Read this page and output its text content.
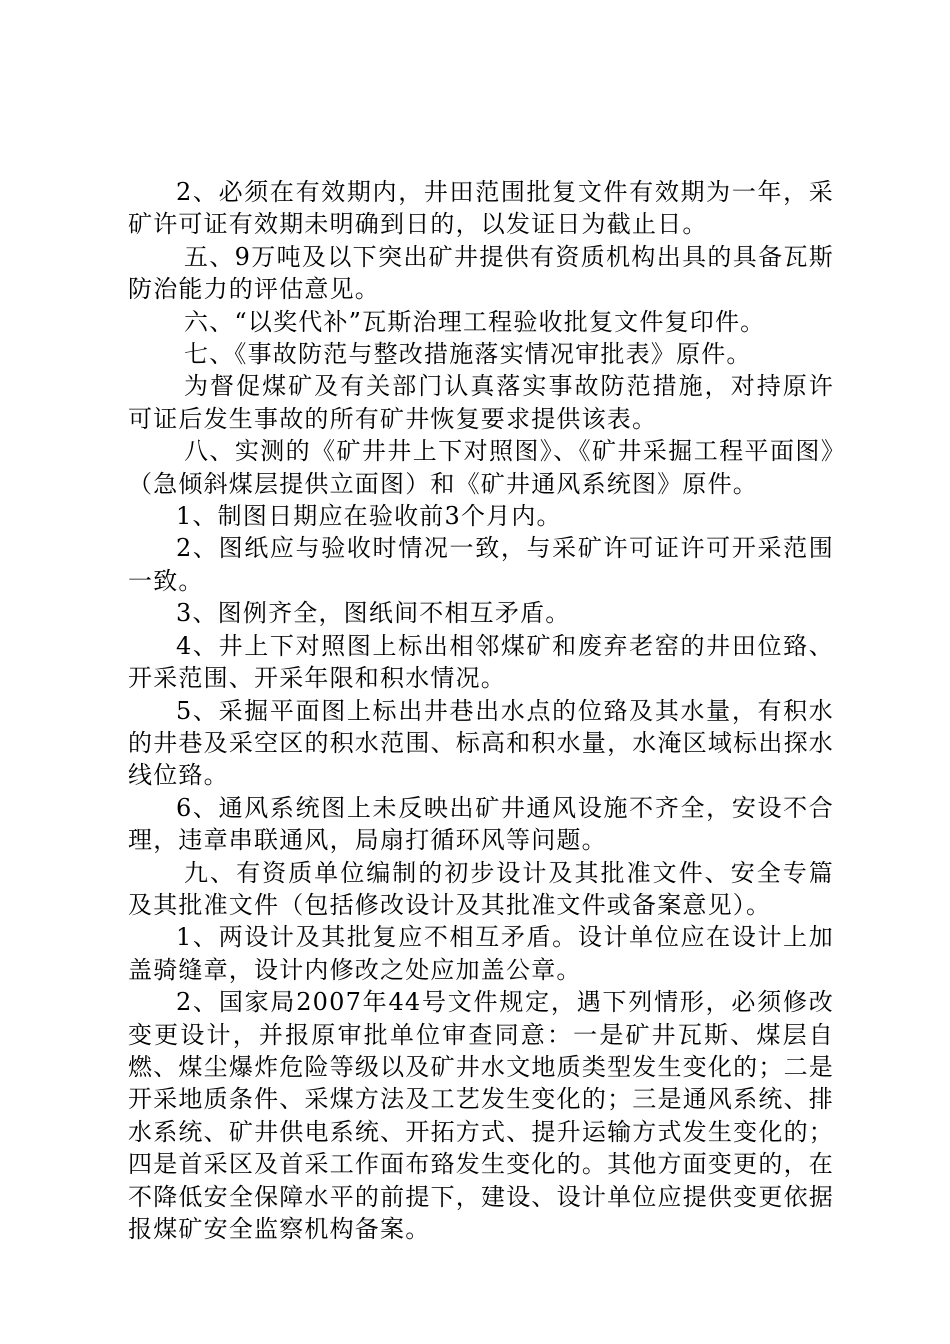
2、必须在有效期内，井田范围批复文件有效期为一年，采矿许可证有效期未明确到日的，以发证日为截止日。

五、9万吨及以下突出矿井提供有资质机构出具的具备瓦斯防治能力的评估意见。

六、“以奖代补”瓦斯治理工程验收批复文件复印件。

七、《事故防范与整改措施落实情况审批表》原件。

为督促煤矿及有关部门认真落实事故防范措施，对持原许可证后发生事故的所有矿井恢复要求提供该表。

八、实测的《矿井井上下对照图》、《矿井采掘工程平面图》（急倾斜煤层提供立面图）和《矿井通风系统图》原件。

1、制图日期应在验收前3个月内。

2、图纸应与验收时情况一致，与采矿许可证许可开采范围一致。

3、图例齐全，图纸间不相互矛盾。

4、井上下对照图上标出相邻煤矿和废弃老窑的井田位臵、开采范围、开采年限和积水情况。

5、采掘平面图上标出井巷出水点的位臵及其水量，有积水的井巷及采空区的积水范围、标高和积水量，水淹区域标出探水线位臵。

6、通风系统图上未反映出矿井通风设施不齐全，安设不合理，违章串联通风，局扇打循环风等问题。

九、有资质单位编制的初步设计及其批准文件、安全专篇及其批准文件（包括修改设计及其批准文件或备案意见）。

1、两设计及其批复应不相互矛盾。设计单位应在设计上加盖骑缝章，设计内修改之处应加盖公章。

2、国家局2007年44号文件规定，遇下列情形，必须修改变更设计，并报原审批单位审查同意：一是矿井瓦斯、煤层自燃、煤尘爆炸危险等级以及矿井水文地质类型发生变化的；二是开采地质条件、采煤方法及工艺发生变化的；三是通风系统、排水系统、矿井供电系统、开拓方式、提升运输方式发生变化的；四是首采区及首采工作面布臵发生变化的。其他方面变更的，在不降低安全保障水平的前提下，建设、设计单位应提供变更依据报煤矿安全监察机构备案。
